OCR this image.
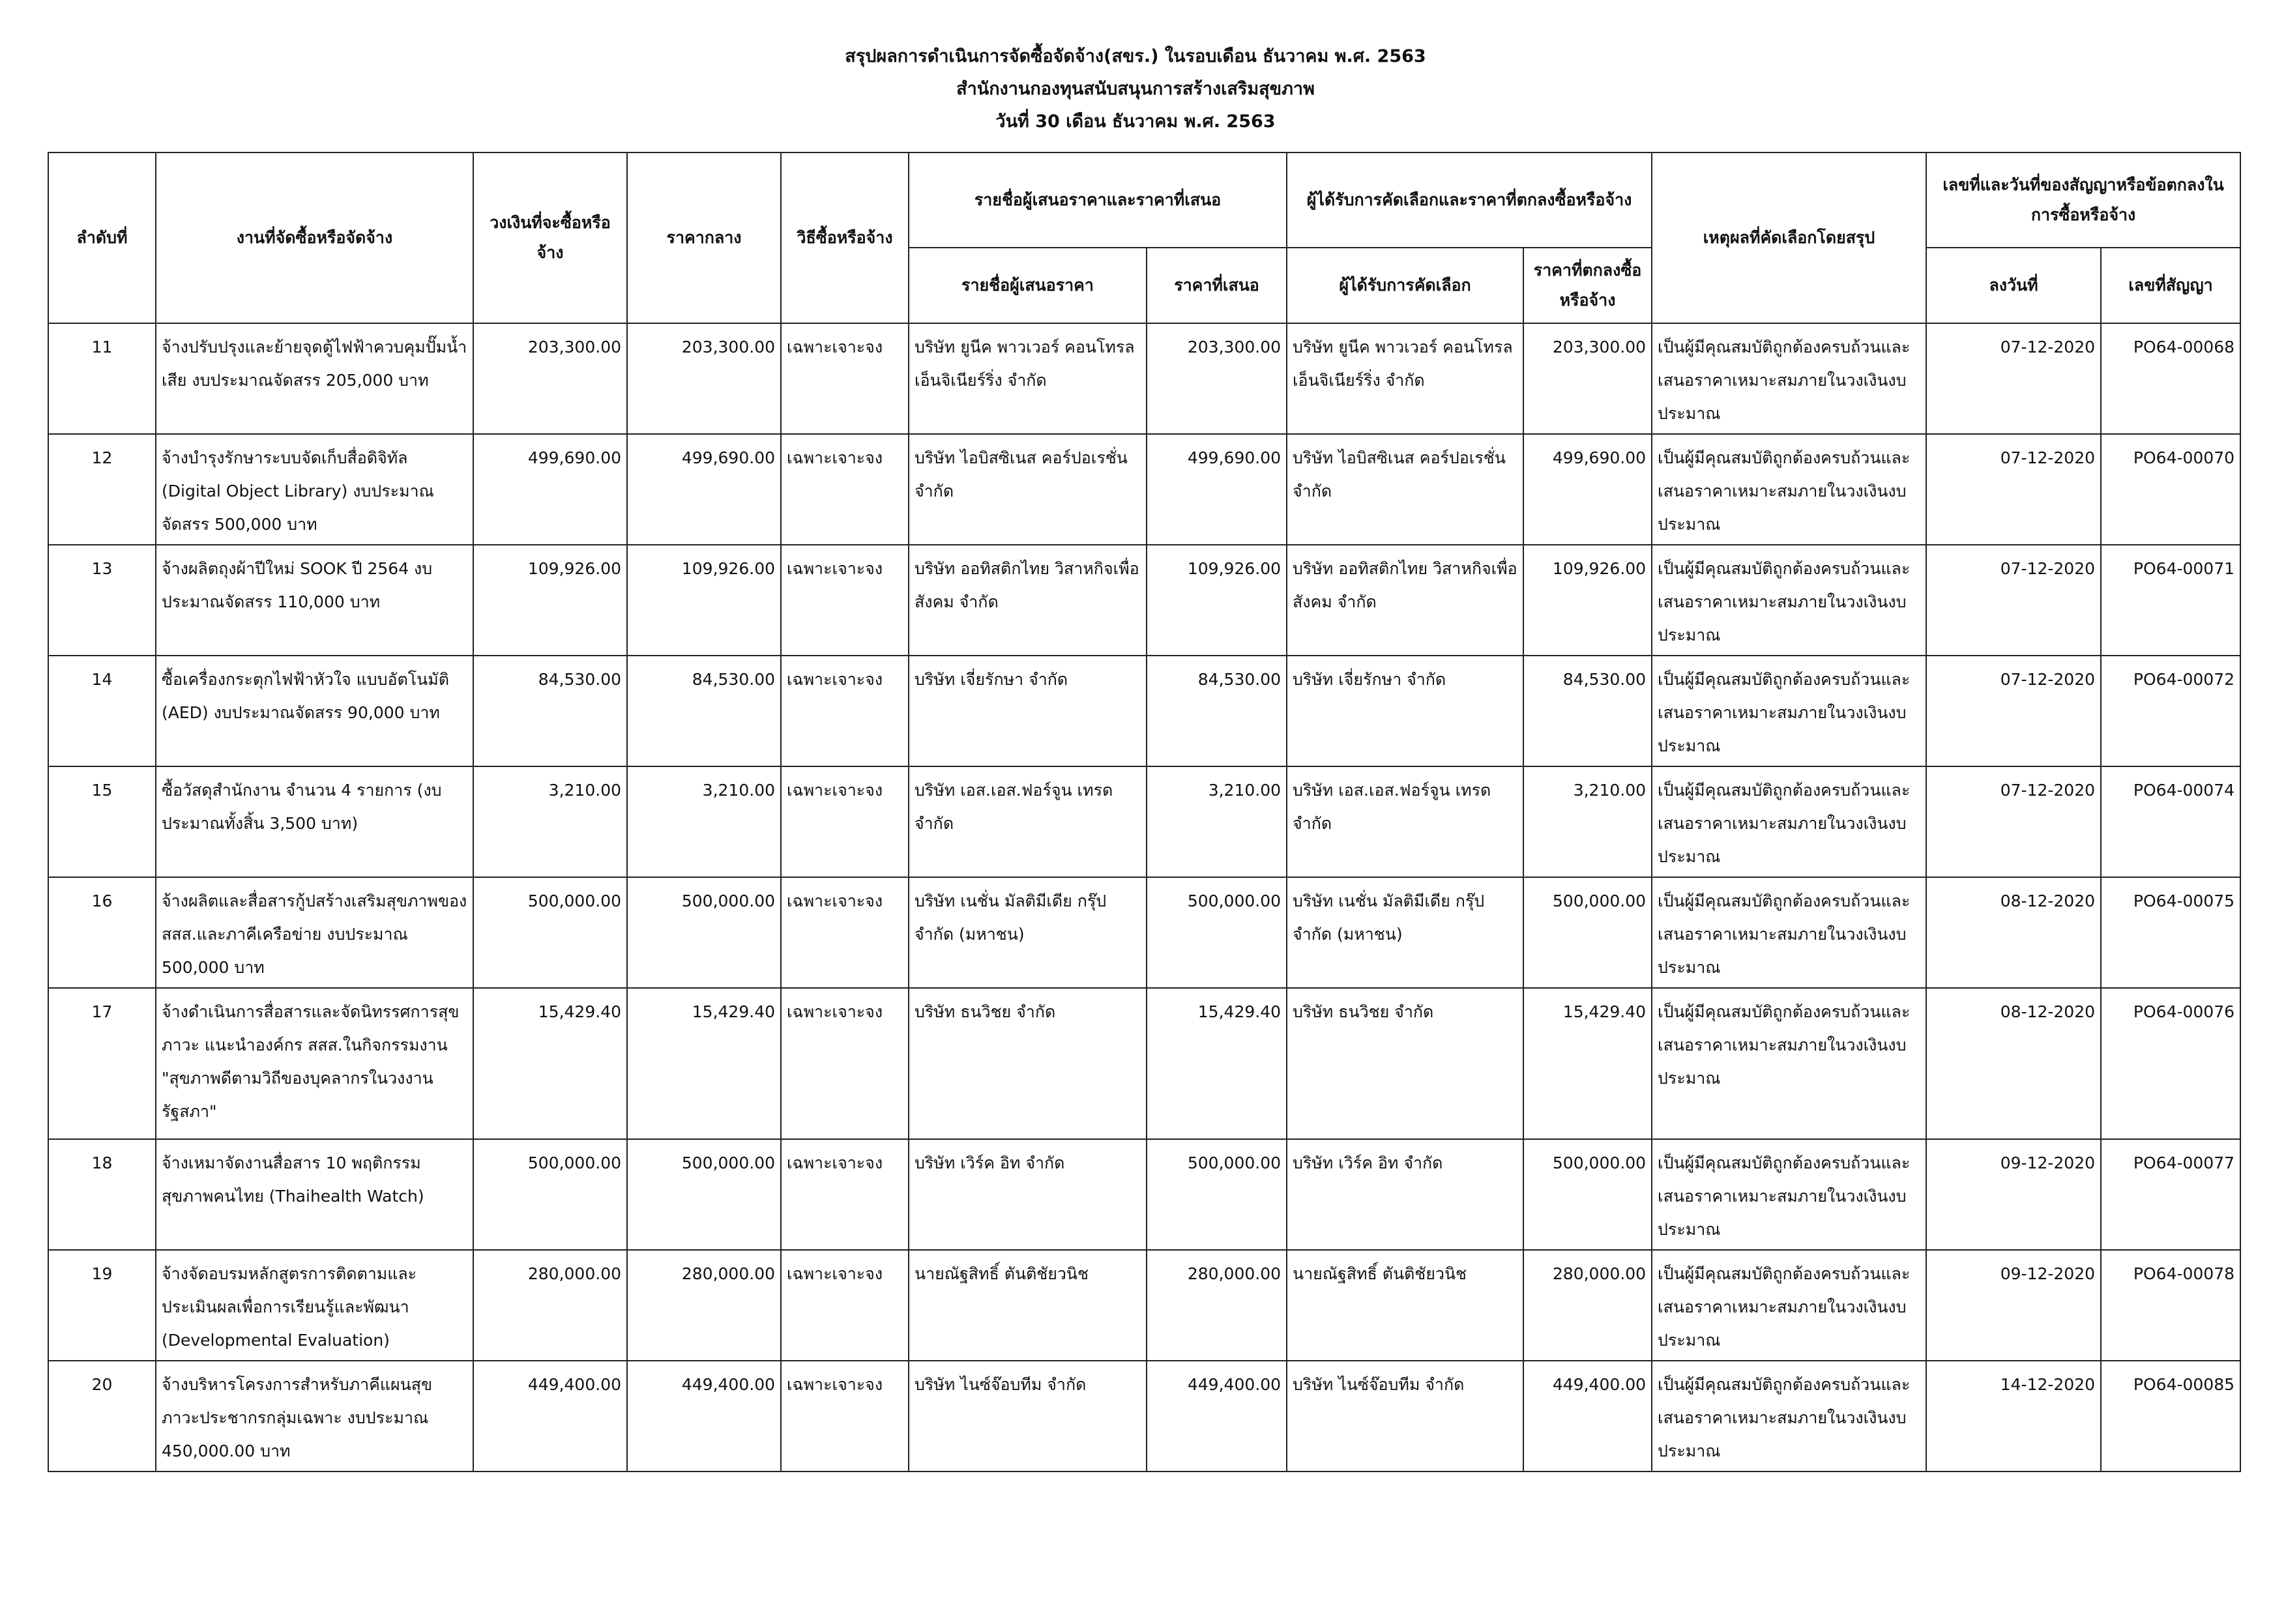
สรุปผลการดำเนินการจัดซื้อจัดจ้าง(สขร.) ในรอบเดือน ธันวาคม พ.ศ. 2563
สำนักงานกองทุนสนับสนุนการสร้างเสริมสุขภาพ
วันที่ 30 เดือน ธันวาคม พ.ศ. 2563
ลำดับที่	งานที่จัดซื้อหรือจัดจ้าง	วงเงินที่จะซื้อหรือจ้าง	ราคากลาง	วิธีซื้อหรือจ้าง	รายชื่อผู้เสนอราคาและราคาที่เสนอ		ผู้ได้รับการคัดเลือกและราคาที่ตกลงซื้อหรือจ้าง		เหตุผลที่คัดเลือกโดยสรุป	เลขที่และวันที่ของสัญญาหรือข้อตกลงในการซื้อหรือจ้าง	
					รายชื่อผู้เสนอราคา	ราคาที่เสนอ	ผู้ได้รับการคัดเลือก	ราคาที่ตกลงซื้อหรือจ้าง		ลงวันที่	เลขที่สัญญา
11	จ้างปรับปรุงและย้ายจุดตู้ไฟฟ้าควบคุมปั๊มน้ำเสีย งบประมาณจัดสรร 205,000 บาท	203,300.00	203,300.00	เฉพาะเจาะจง	บริษัท ยูนีค พาวเวอร์ คอนโทรล เอ็นจิเนียร์ริ่ง จำกัด	203,300.00	บริษัท ยูนีค พาวเวอร์ คอนโทรล เอ็นจิเนียร์ริ่ง จำกัด	203,300.00	เป็นผู้มีคุณสมบัติถูกต้องครบถ้วนและเสนอราคาเหมาะสมภายในวงเงินงบประมาณ	07-12-2020	PO64-00068
12	จ้างบำรุงรักษาระบบจัดเก็บสื่อดิจิทัล (Digital Object Library) งบประมาณจัดสรร 500,000 บาท	499,690.00	499,690.00	เฉพาะเจาะจง	บริษัท ไอบิสซิเนส คอร์ปอเรชั่น จำกัด	499,690.00	บริษัท ไอบิสซิเนส คอร์ปอเรชั่น จำกัด	499,690.00	เป็นผู้มีคุณสมบัติถูกต้องครบถ้วนและเสนอราคาเหมาะสมภายในวงเงินงบประมาณ	07-12-2020	PO64-00070
13	จ้างผลิตถุงผ้าปีใหม่ SOOK ปี 2564 งบประมาณจัดสรร 110,000 บาท	109,926.00	109,926.00	เฉพาะเจาะจง	บริษัท ออทิสติกไทย วิสาหกิจเพื่อสังคม จำกัด	109,926.00	บริษัท ออทิสติกไทย วิสาหกิจเพื่อสังคม จำกัด	109,926.00	เป็นผู้มีคุณสมบัติถูกต้องครบถ้วนและเสนอราคาเหมาะสมภายในวงเงินงบประมาณ	07-12-2020	PO64-00071
14	ซื้อเครื่องกระตุกไฟฟ้าหัวใจ แบบอัตโนมัติ (AED) งบประมาณจัดสรร 90,000 บาท	84,530.00	84,530.00	เฉพาะเจาะจง	บริษัท เจี่ยรักษา จำกัด	84,530.00	บริษัท เจี่ยรักษา จำกัด	84,530.00	เป็นผู้มีคุณสมบัติถูกต้องครบถ้วนและเสนอราคาเหมาะสมภายในวงเงินงบประมาณ	07-12-2020	PO64-00072
15	ซื้อวัสดุสำนักงาน จำนวน 4 รายการ (งบประมาณทั้งสิ้น 3,500 บาท)	3,210.00	3,210.00	เฉพาะเจาะจง	บริษัท เอส.เอส.ฟอร์จูน เทรด จำกัด	3,210.00	บริษัท เอส.เอส.ฟอร์จูน เทรด จำกัด	3,210.00	เป็นผู้มีคุณสมบัติถูกต้องครบถ้วนและเสนอราคาเหมาะสมภายในวงเงินงบประมาณ	07-12-2020	PO64-00074
16	จ้างผลิตและสื่อสารกู้ปสร้างเสริมสุขภาพของสสส.และภาคีเครือข่าย งบประมาณ 500,000 บาท	500,000.00	500,000.00	เฉพาะเจาะจง	บริษัท เนชั่น มัลติมีเดีย กรุ๊ป จำกัด (มหาชน)	500,000.00	บริษัท เนชั่น มัลติมีเดีย กรุ๊ป จำกัด (มหาชน)	500,000.00	เป็นผู้มีคุณสมบัติถูกต้องครบถ้วนและเสนอราคาเหมาะสมภายในวงเงินงบประมาณ	08-12-2020	PO64-00075
17	จ้างดำเนินการสื่อสารและจัดนิทรรศการสุขภาวะ แนะนำองค์กร สสส.ในกิจกรรมงาน "สุขภาพดีตามวิถีของบุคลากรในวงงานรัฐสภา"	15,429.40	15,429.40	เฉพาะเจาะจง	บริษัท ธนวิชย จำกัด	15,429.40	บริษัท ธนวิชย จำกัด	15,429.40	เป็นผู้มีคุณสมบัติถูกต้องครบถ้วนและเสนอราคาเหมาะสมภายในวงเงินงบประมาณ	08-12-2020	PO64-00076
18	จ้างเหมาจัดงานสื่อสาร 10 พฤติกรรมสุขภาพคนไทย (Thaihealth Watch)	500,000.00	500,000.00	เฉพาะเจาะจง	บริษัท เวิร์ค อิท จำกัด	500,000.00	บริษัท เวิร์ค อิท จำกัด	500,000.00	เป็นผู้มีคุณสมบัติถูกต้องครบถ้วนและเสนอราคาเหมาะสมภายในวงเงินงบประมาณ	09-12-2020	PO64-00077
19	จ้างจัดอบรมหลักสูตรการติดตามและประเมินผลเพื่อการเรียนรู้และพัฒนา (Developmental Evaluation)	280,000.00	280,000.00	เฉพาะเจาะจง	นายณัฐสิทธิ์ ตันติชัยวนิช	280,000.00	นายณัฐสิทธิ์ ตันติชัยวนิช	280,000.00	เป็นผู้มีคุณสมบัติถูกต้องครบถ้วนและเสนอราคาเหมาะสมภายในวงเงินงบประมาณ	09-12-2020	PO64-00078
20	จ้างบริหารโครงการสำหรับภาคีแผนสุขภาวะประชากรกลุ่มเฉพาะ งบประมาณ 450,000.00 บาท	449,400.00	449,400.00	เฉพาะเจาะจง	บริษัท ไนซ์จ๊อบทีม จำกัด	449,400.00	บริษัท ไนซ์จ๊อบทีม จำกัด	449,400.00	เป็นผู้มีคุณสมบัติถูกต้องครบถ้วนและเสนอราคาเหมาะสมภายในวงเงินงบประมาณ	14-12-2020	PO64-00085
